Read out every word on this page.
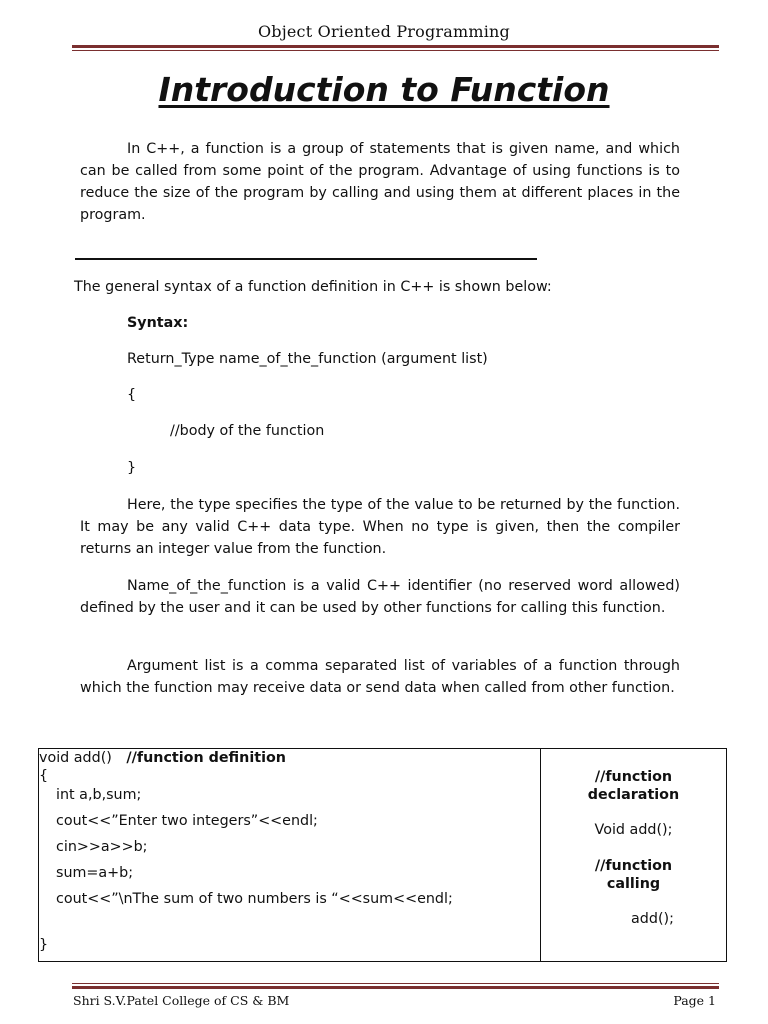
Object Oriented Programming
Introduction to Function
In C++, a function is a group of statements that is given name, and which can be called from some point of the program. Advantage of using functions is to reduce the size of the program by calling and using them at different places in the program.
The general syntax of a function definition in C++ is shown below:
Syntax:
Return_Type name_of_the_function (argument list)
{
//body of the function
}
Here, the type specifies the type of the value to be returned by the function. It may be any valid C++ data type. When no type is given, then the compiler returns an integer value from the function.
Name_of_the_function is a valid C++ identifier (no reserved word allowed) defined by the user and it can be used by other functions for calling this function.
Argument list is a comma separated list of variables of a function through which the function may receive data or send data when called from other function.
void add() //function definition
{
int a,b,sum;
cout<<”Enter two integers”<<endl;
cin>>a>>b;
sum=a+b;
cout<<”\nThe sum of two numbers is “<<sum<<endl;
}
//function
declaration
Void add();
//function
calling
add();
Shri S.V.Patel College of CS & BM	Page 1
